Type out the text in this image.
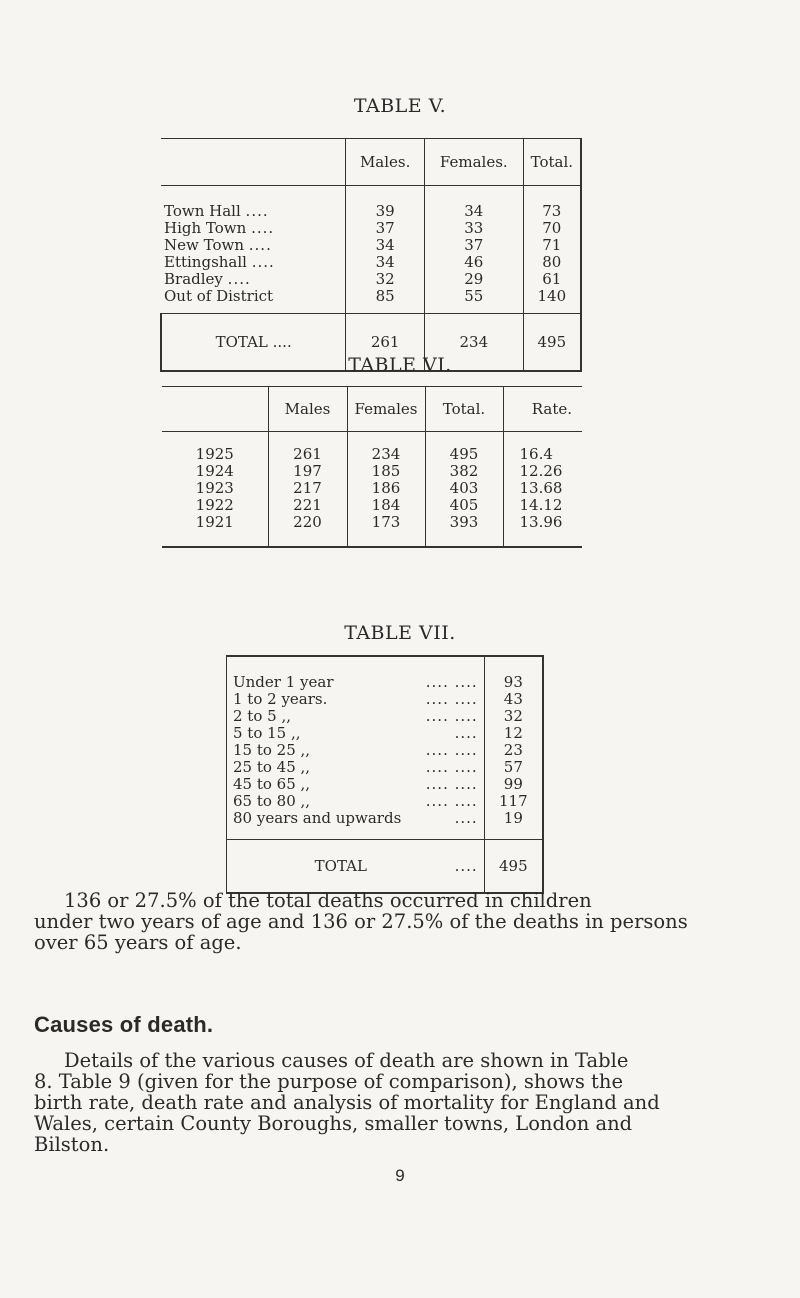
TABLE V.
	Males.	Females.	Total.

Town Hall ....	39	34	73
High Town ....	37	33	70
New Town ....	34	37	71
Ettingshall ....	34	46	80
Bradley ....	32	29	61
Out of District	85	55	140

TOTAL ....	261	234	495
TABLE VI.
	Males	Females	Total.	Rate.

1925	261	234	495	16.4
1924	197	185	382	12.26
1923	217	186	403	13.68
1922	221	184	405	14.12
1921	220	173	393	13.96

TABLE VII.

Under 1 year .... ....	93
1 to 2 years. .... ....	43
2 to 5 ,, .... ....	32
5 to 15 ,, ....	12
15 to 25 ,, .... ....	23
25 to 45 ,, .... ....	57
45 to 65 ,, .... ....	99
65 to 80 ,, .... ....	117
80 years and upwards ....	19

TOTAL ....	495
136 or 27.5% of the total deaths occurred in children
under two years of age and 136 or 27.5% of the deaths in persons
over 65 years of age.
Causes of death.
Details of the various causes of death are shown in Table
8. Table 9 (given for the purpose of comparison), shows the
birth rate, death rate and analysis of mortality for England and
Wales, certain County Boroughs, smaller towns, London and
Bilston.
9
